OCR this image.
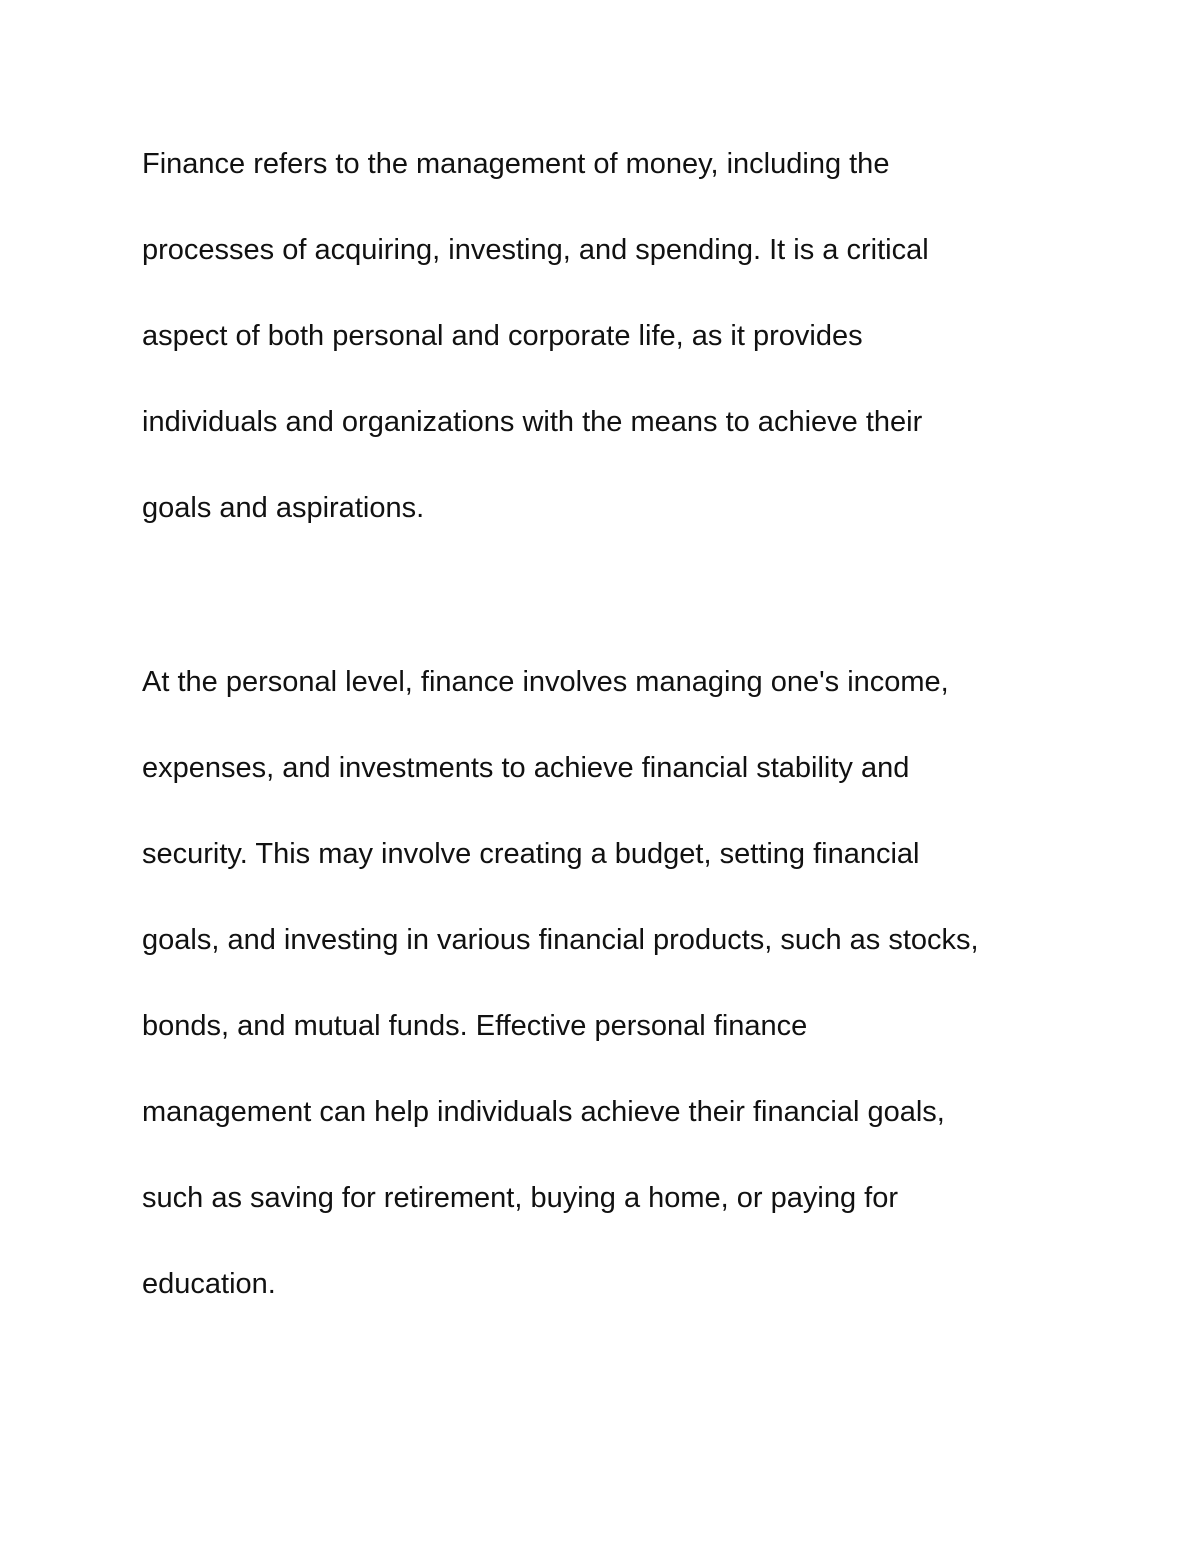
Finance refers to the management of money, including the
processes of acquiring, investing, and spending. It is a critical
aspect of both personal and corporate life, as it provides
individuals and organizations with the means to achieve their
goals and aspirations.
At the personal level, finance involves managing one's income,
expenses, and investments to achieve financial stability and
security. This may involve creating a budget, setting financial
goals, and investing in various financial products, such as stocks,
bonds, and mutual funds. Effective personal finance
management can help individuals achieve their financial goals,
such as saving for retirement, buying a home, or paying for
education.
